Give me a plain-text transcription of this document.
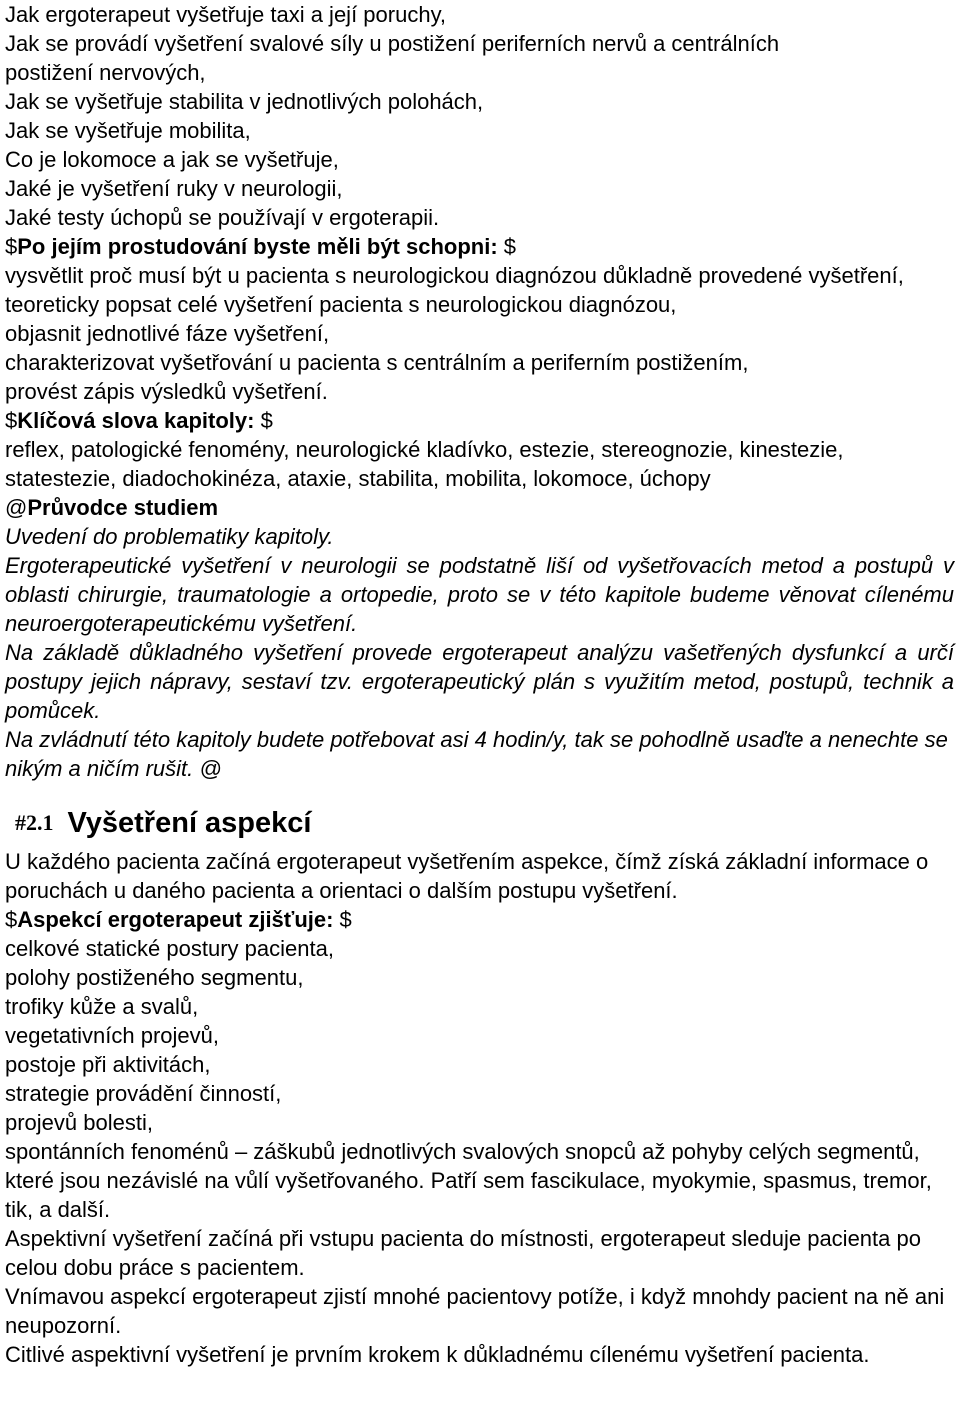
Jak ergoterapeut vyšetřuje taxi a její poruchy,
Jak se provádí vyšetření svalové síly u postižení periferních nervů a centrálních
postižení nervových,
Jak se vyšetřuje stabilita v jednotlivých polohách,
Jak se vyšetřuje mobilita,
Co je lokomoce a jak se vyšetřuje,
Jaké je vyšetření ruky v neurologii,
Jaké testy úchopů se používají v ergoterapii.
$Po jejím prostudování byste měli být schopni: $
vysvětlit proč musí být u pacienta s neurologickou diagnózou důkladně provedené vyšetření,
teoreticky popsat celé vyšetření pacienta s neurologickou diagnózou,
objasnit jednotlivé fáze vyšetření,
charakterizovat vyšetřování u pacienta s centrálním a periferním postižením,
provést zápis výsledků vyšetření.
$Klíčová slova kapitoly: $
reflex, patologické fenomény, neurologické kladívko, estezie, stereognozie, kinestezie, statestezie, diadochokinéza, ataxie, stabilita, mobilita, lokomoce, úchopy
@Průvodce studiem
Uvedení do problematiky kapitoly.
Ergoterapeutické vyšetření v neurologii se podstatně liší od vyšetřovacích metod a postupů v oblasti chirurgie, traumatologie a ortopedie, proto se v této kapitole budeme věnovat cílenému neuroergoterapeutickému vyšetření.
Na základě důkladného vyšetření provede ergoterapeut analýzu vašetřených dysfunkcí a určí postupy jejich nápravy, sestaví tzv. ergoterapeutický plán s využitím metod, postupů, technik a pomůcek.
Na zvládnutí této kapitoly budete potřebovat asi 4 hodin/y, tak se pohodlně usaďte a nenechte se nikým a ničím rušit. @
#2.1 Vyšetření aspekcí
U každého pacienta začíná ergoterapeut vyšetřením aspekce, čímž získá základní informace o poruchách u daného pacienta a orientaci o dalším postupu vyšetření.
$Aspekcí ergoterapeut zjišťuje: $
celkové statické postury pacienta,
polohy postiženého segmentu,
trofiky kůže a svalů,
vegetativních projevů,
postoje při aktivitách,
strategie provádění činností,
projevů bolesti,
spontánních fenoménů – záškubů jednotlivých svalových snopců až pohyby celých segmentů, které jsou nezávislé na vůlí vyšetřovaného. Patří sem fascikulace, myokymie, spasmus, tremor, tik, a další.
Aspektivní vyšetření začíná při vstupu pacienta do místnosti, ergoterapeut sleduje pacienta po celou dobu práce s pacientem.
Vnímavou aspekcí ergoterapeut zjistí mnohé pacientovy potíže, i když mnohdy pacient na ně ani neupozorní.
Citlivé aspektivní vyšetření je prvním krokem k důkladnému cílenému vyšetření pacienta.
